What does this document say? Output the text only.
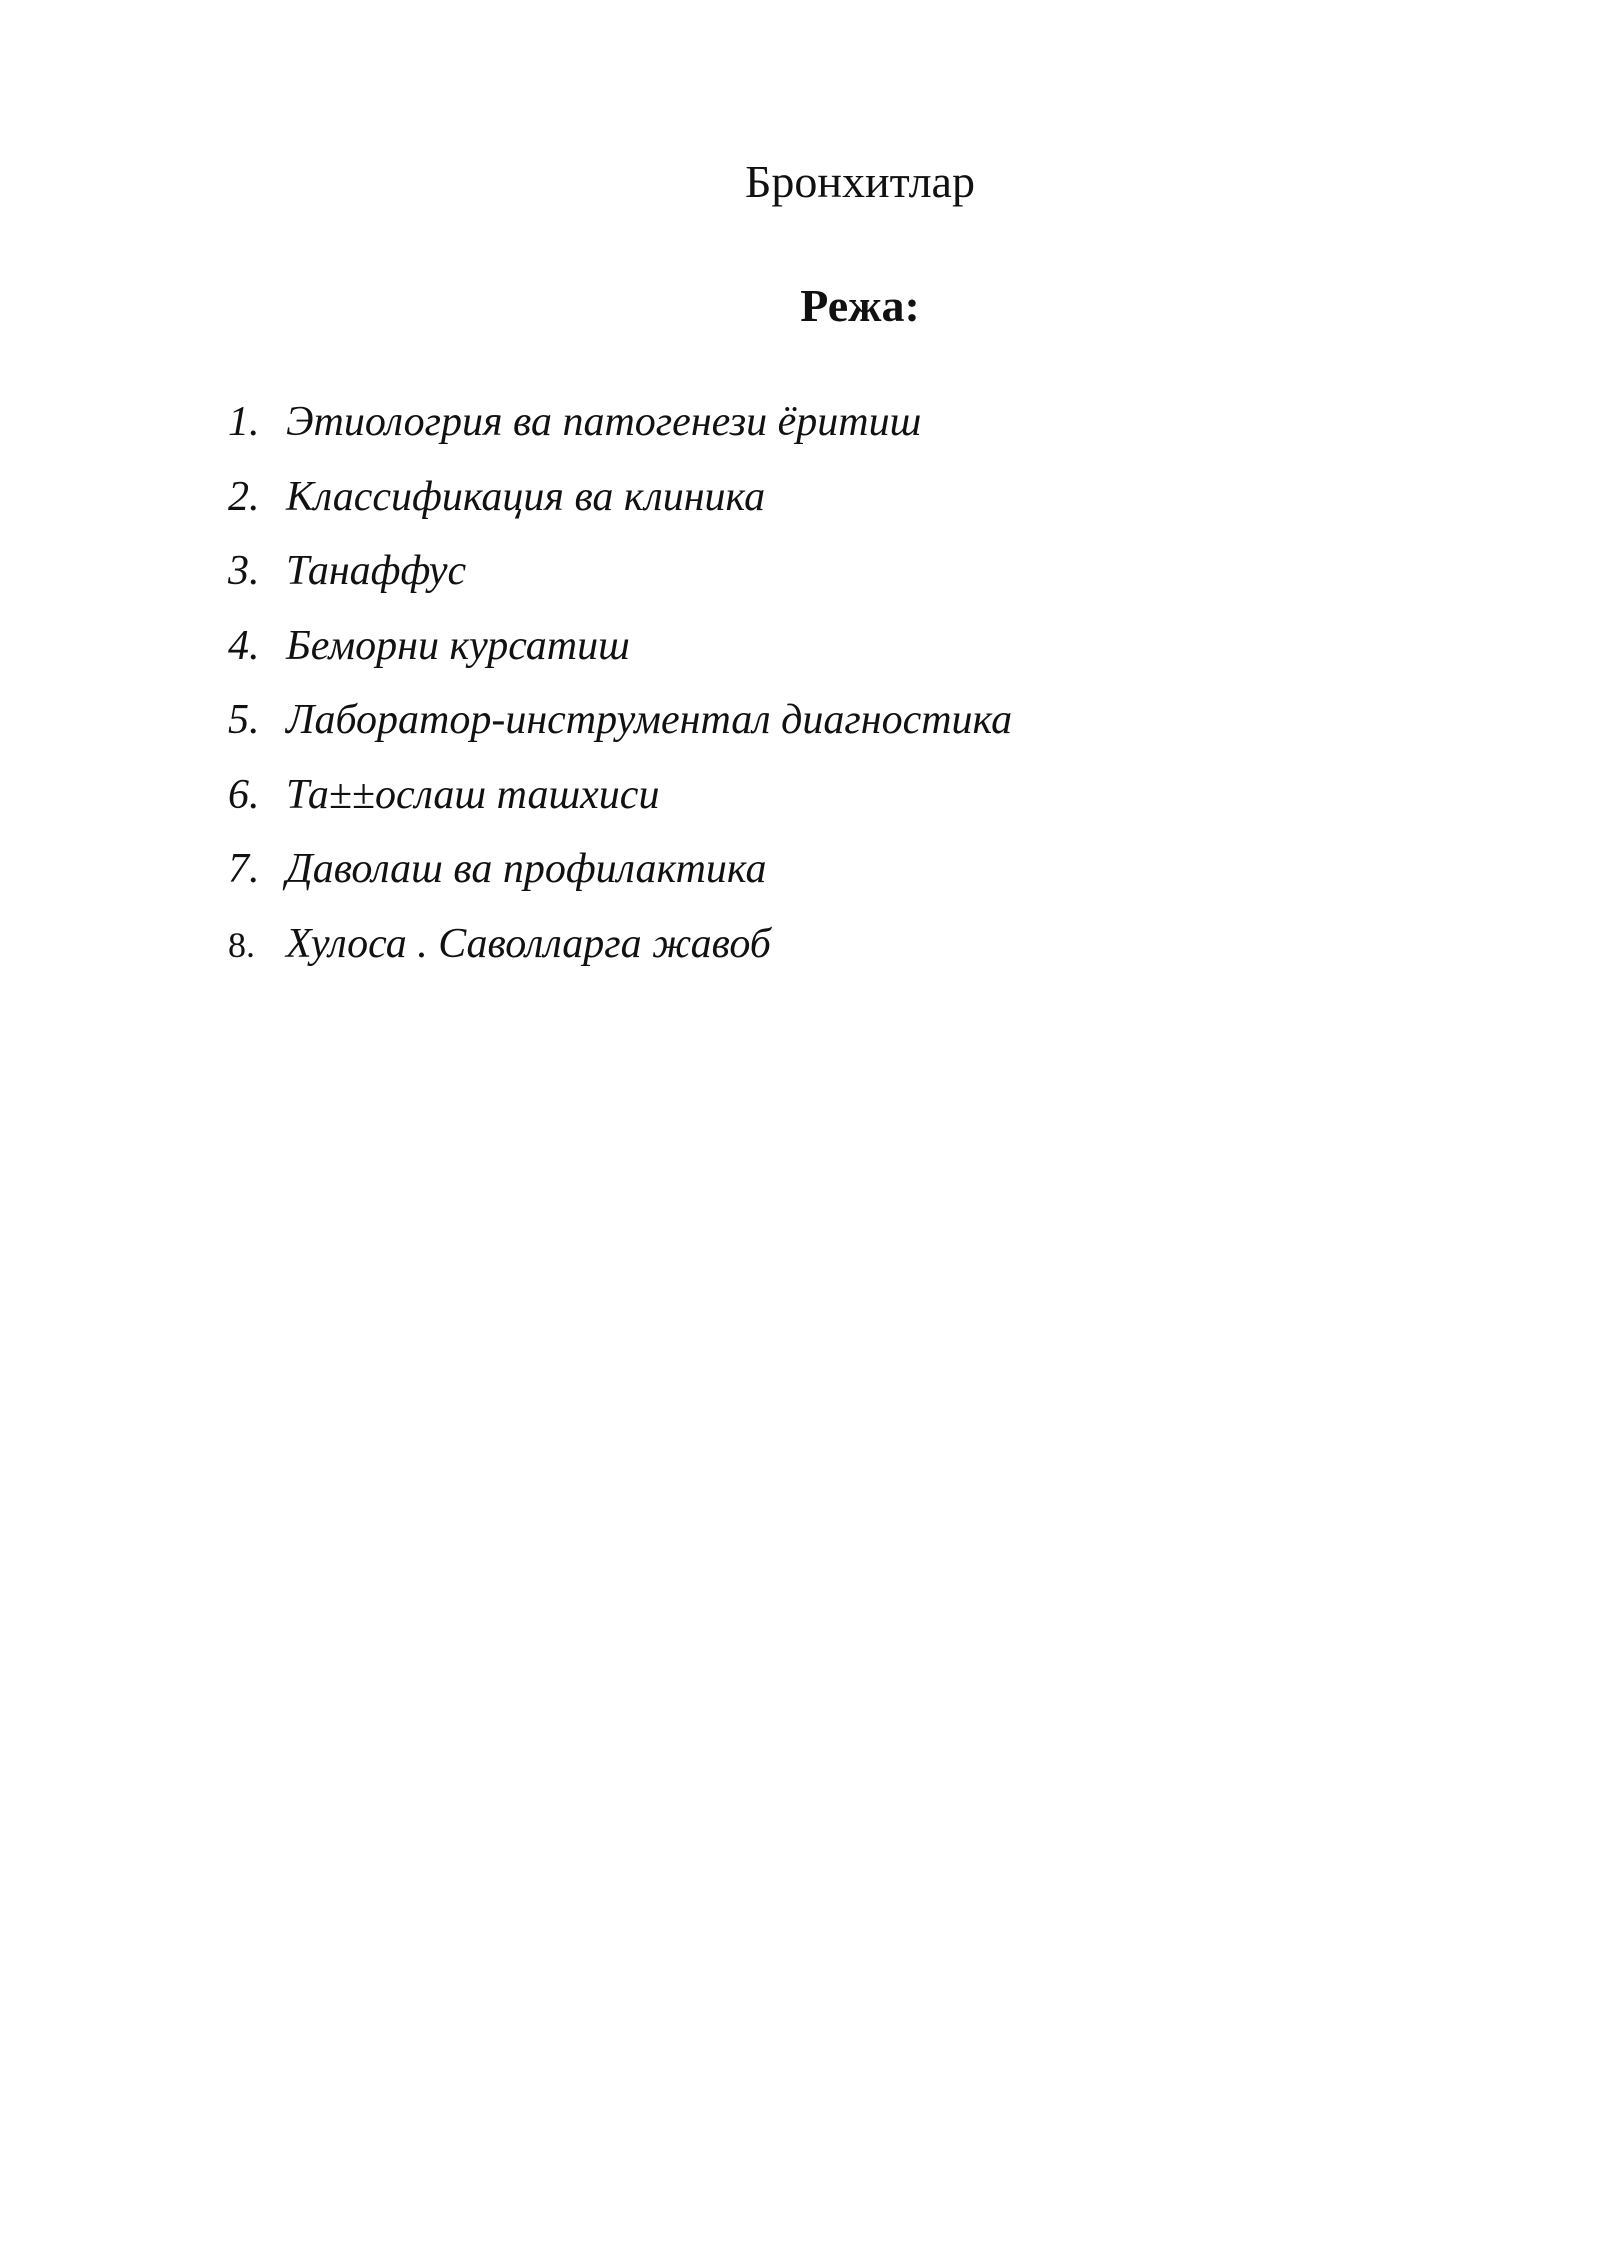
Бронхитлар
Режа:
1. Этиологрия ва патогенези ёритиш
2. Классификация ва клиника
3. Танаффус
4. Беморни курсатиш
5. Лаборатор-инструментал диагностика
6. Та±±ослаш ташхиси
7. Даволаш ва профилактика
8. Хулоса . Саволларга жавоб
